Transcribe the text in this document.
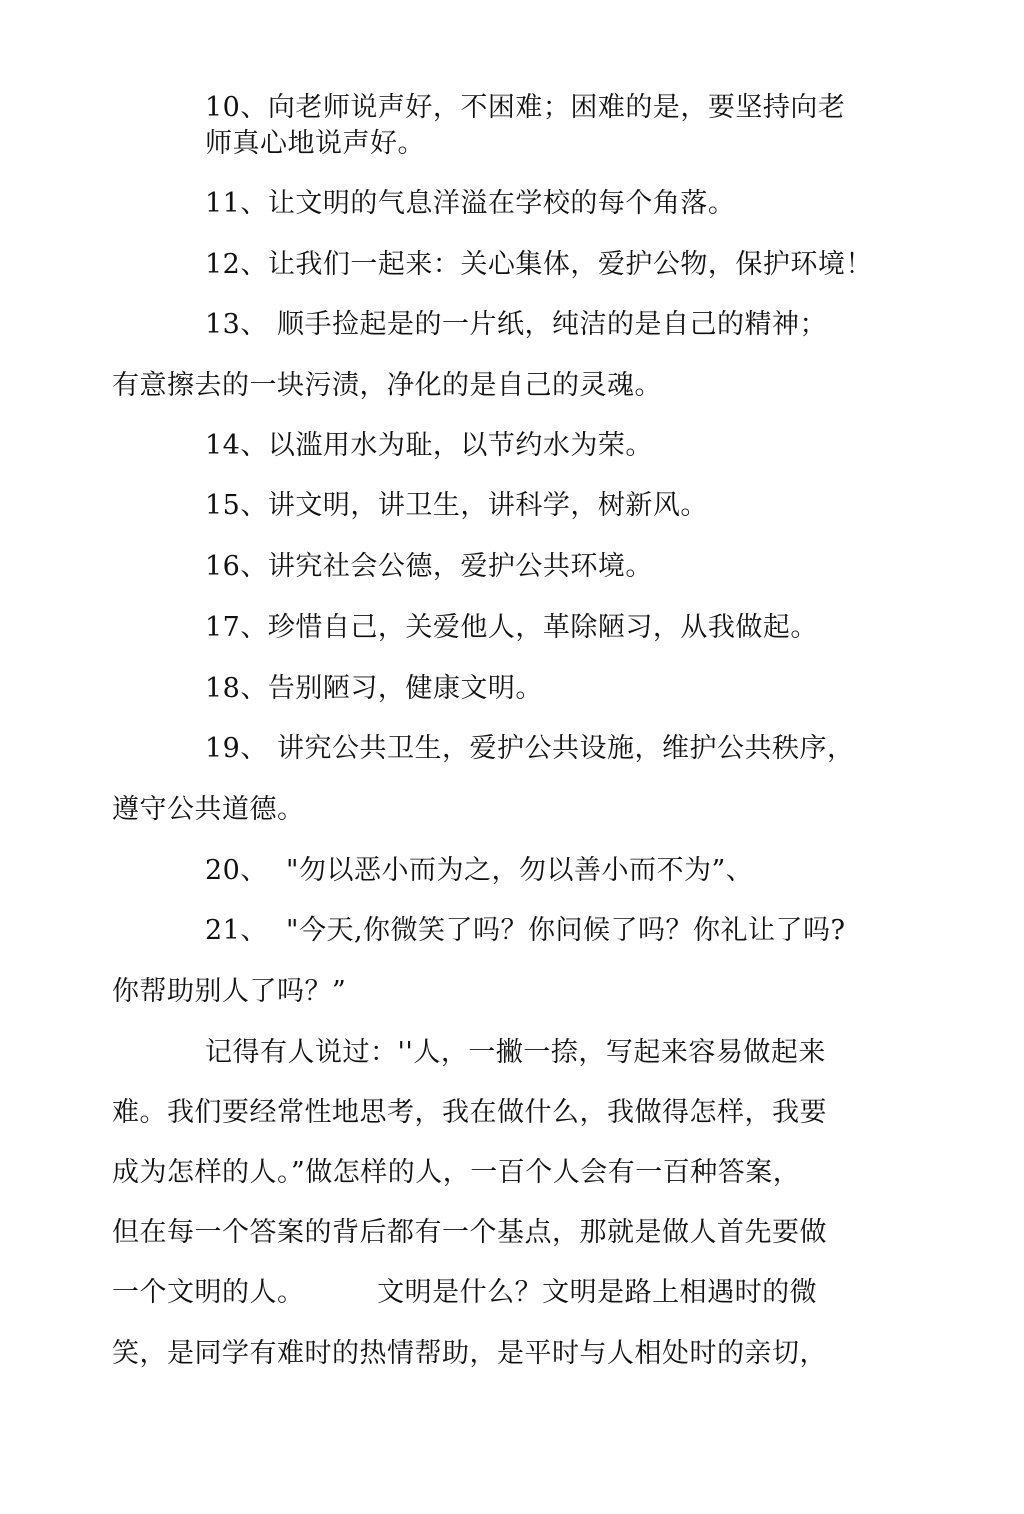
10、向老师说声好，不困难；困难的是，要坚持向老
师真心地说声好。
11、让文明的气息洋溢在学校的每个角落。
12、让我们一起来：关心集体，爱护公物，保护环境！
13、 顺手捡起是的一片纸，纯洁的是自己的精神；
有意擦去的一块污渍，净化的是自己的灵魂。
14、以滥用水为耻，以节约水为荣。
15、讲文明，讲卫生，讲科学，树新风。
16、讲究社会公德，爱护公共环境。
17、珍惜自己，关爱他人，革除陋习，从我做起。
18、告别陋习，健康文明。
19、 讲究公共卫生，爱护公共设施，维护公共秩序，
遵守公共道德。
20、  "勿以恶小而为之，勿以善小而不为”、
21、  "今天,你微笑了吗？你问候了吗？你礼让了吗?
你帮助别人了吗？”
记得有人说过：''人，一撇一捺，写起来容易做起来
难。我们要经常性地思考，我在做什么，我做得怎样，我要
成为怎样的人。”做怎样的人，一百个人会有一百种答案，
但在每一个答案的背后都有一个基点，那就是做人首先要做
一个文明的人。        文明是什么？文明是路上相遇时的微
笑，是同学有难时的热情帮助，是平时与人相处时的亲切，
